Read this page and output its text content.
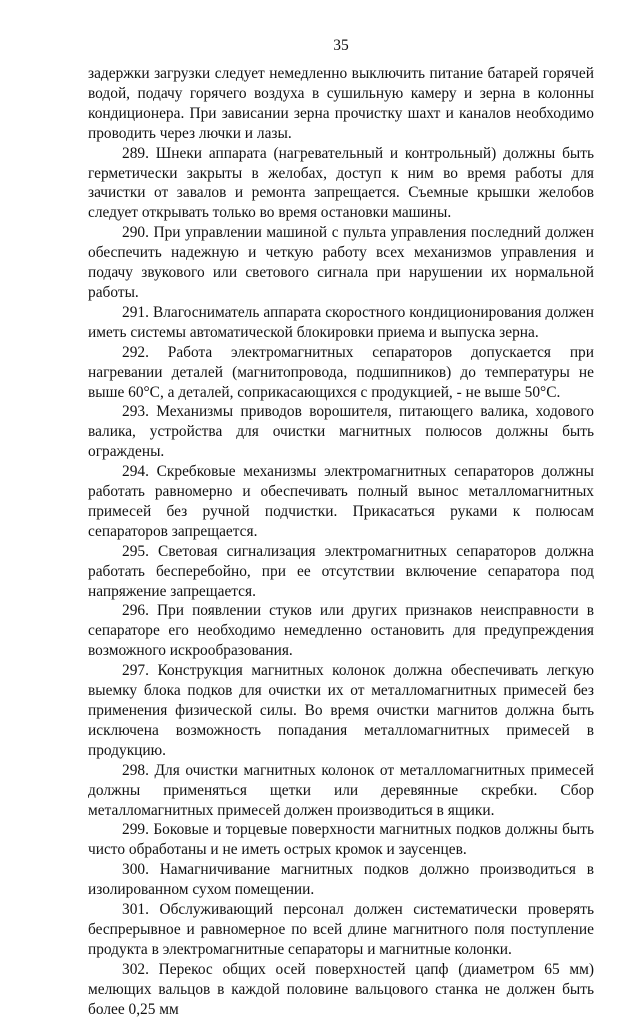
35

задержки загрузки следует немедленно выключить питание батарей горячей водой, подачу горячего воздуха в сушильную камеру и зерна в колонны кондиционера. При зависании зерна прочистку шахт и каналов необходимо проводить через лючки и лазы.

289. Шнеки аппарата (нагревательный и контрольный) должны быть герметически закрыты в желобах, доступ к ним во время работы для зачистки от завалов и ремонта запрещается. Съемные крышки желобов следует открывать только во время остановки машины.

290. При управлении машиной с пульта управления последний должен обеспечить надежную и четкую работу всех механизмов управления и подачу звукового или светового сигнала при нарушении их нормальной работы.

291. Влагосниматель аппарата скоростного кондиционирования должен иметь системы автоматической блокировки приема и выпуска зерна.

292. Работа электромагнитных сепараторов допускается при нагревании деталей (магнитопровода, подшипников) до температуры не выше 60°C, а деталей, соприкасающихся с продукцией, - не выше 50°C.

293. Механизмы приводов ворошителя, питающего валика, ходового валика, устройства для очистки магнитных полюсов должны быть ограждены.

294. Скребковые механизмы электромагнитных сепараторов должны работать равномерно и обеспечивать полный вынос металломагнитных примесей без ручной подчистки. Прикасаться руками к полюсам сепараторов запрещается.

295. Световая сигнализация электромагнитных сепараторов должна работать бесперебойно, при ее отсутствии включение сепаратора под напряжение запрещается.

296. При появлении стуков или других признаков неисправности в сепараторе его необходимо немедленно остановить для предупреждения возможного искрообразования.

297. Конструкция магнитных колонок должна обеспечивать легкую выемку блока подков для очистки их от металломагнитных примесей без применения физической силы. Во время очистки магнитов должна быть исключена возможность попадания металломагнитных примесей в продукцию.

298. Для очистки магнитных колонок от металломагнитных примесей должны применяться щетки или деревянные скребки. Сбор металломагнитных примесей должен производиться в ящики.

299. Боковые и торцевые поверхности магнитных подков должны быть чисто обработаны и не иметь острых кромок и заусенцев.

300. Намагничивание магнитных подков должно производиться в изолированном сухом помещении.

301. Обслуживающий персонал должен систематически проверять беспрерывное и равномерное по всей длине магнитного поля поступление продукта в электромагнитные сепараторы и магнитные колонки.

302. Перекос общих осей поверхностей цапф (диаметром 65 мм) мелющих вальцов в каждой половине вальцового станка не должен быть более 0,25 мм
